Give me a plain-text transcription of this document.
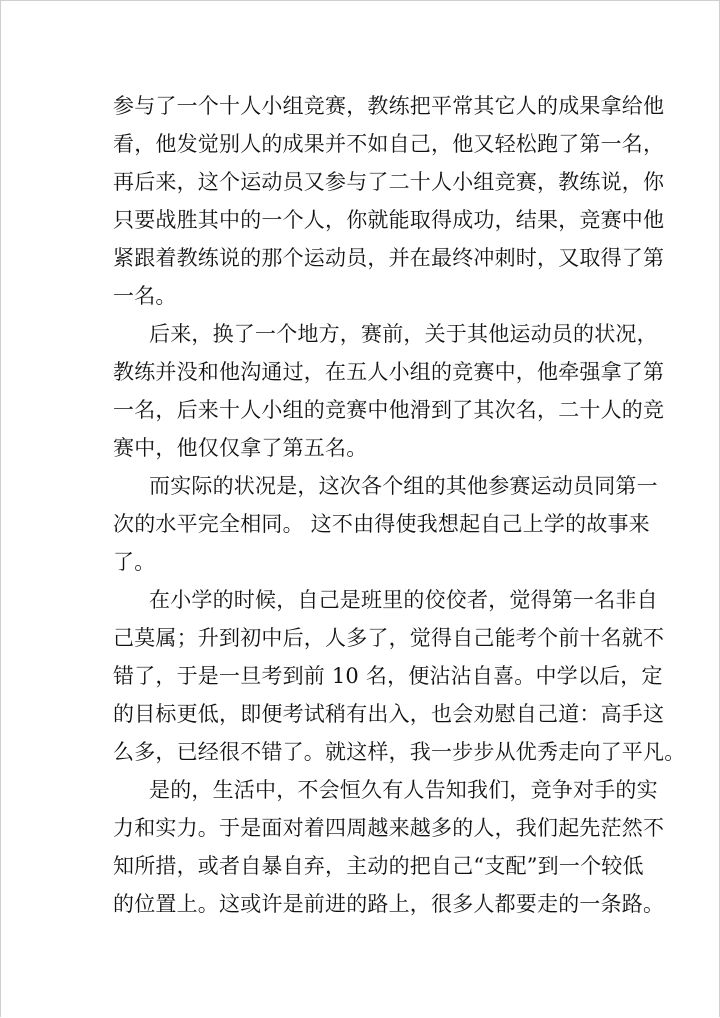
参与了一个十人小组竞赛，教练把平常其它人的成果拿给他
看，他发觉别人的成果并不如自己，他又轻松跑了第一名，
再后来，这个运动员又参与了二十人小组竞赛，教练说，你
只要战胜其中的一个人，你就能取得成功，结果，竞赛中他
紧跟着教练说的那个运动员，并在最终冲刺时，又取得了第
一名。

后来，换了一个地方，赛前，关于其他运动员的状况，
教练并没和他沟通过，在五人小组的竞赛中，他牵强拿了第
一名，后来十人小组的竞赛中他滑到了其次名，二十人的竞
赛中，他仅仅拿了第五名。

而实际的状况是，这次各个组的其他参赛运动员同第一
次的水平完全相同。 这不由得使我想起自己上学的故事来
了。

在小学的时候，自己是班里的佼佼者，觉得第一名非自
己莫属；升到初中后，人多了，觉得自己能考个前十名就不
错了，于是一旦考到前 10 名，便沾沾自喜。中学以后，定
的目标更低，即便考试稍有出入，也会劝慰自己道：高手这
么多，已经很不错了。就这样，我一步步从优秀走向了平凡。

是的，生活中，不会恒久有人告知我们，竞争对手的实
力和实力。于是面对着四周越来越多的人，我们起先茫然不
知所措，或者自暴自弃，主动的把自己“支配”到一个较低
的位置上。这或许是前进的路上，很多人都要走的一条路。
